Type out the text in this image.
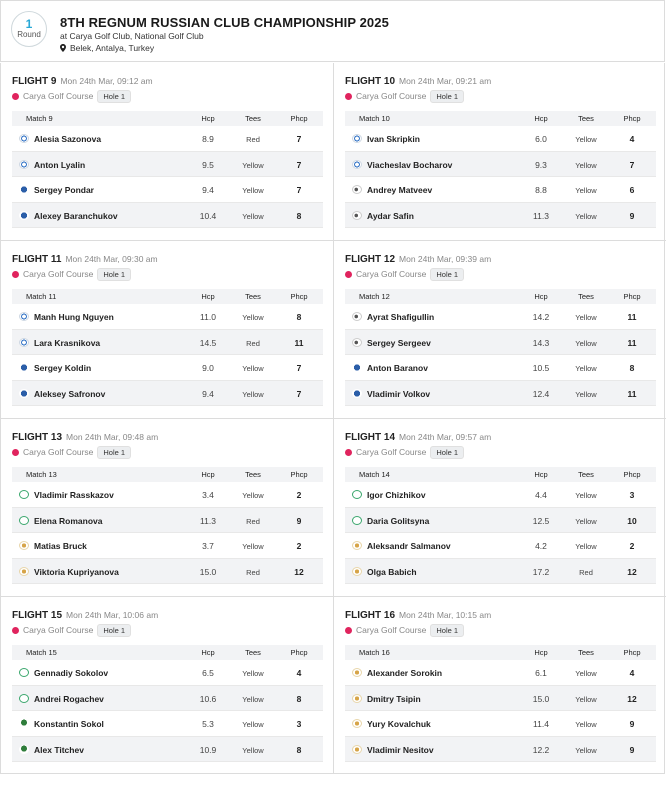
1
Round
8TH REGNUM RUSSIAN CLUB CHAMPIONSHIP 2025
at Carya Golf Club, National Golf Club
Belek, Antalya, Turkey
FLIGHT 9 Mon 24th Mar, 09:12 am
Carya Golf Course Hole 1
Match 9	Hcp	Tees	Phcp
Alesia Sazonova	8.9	Red	7
Anton Lyalin	9.5	Yellow	7
Sergey Pondar	9.4	Yellow	7
Alexey Baranchukov	10.4	Yellow	8
FLIGHT 10 Mon 24th Mar, 09:21 am
Carya Golf Course Hole 1
Match 10	Hcp	Tees	Phcp
Ivan Skripkin	6.0	Yellow	4
Viacheslav Bocharov	9.3	Yellow	7
Andrey Matveev	8.8	Yellow	6
Aydar Safin	11.3	Yellow	9
FLIGHT 11 Mon 24th Mar, 09:30 am
Carya Golf Course Hole 1
Match 11	Hcp	Tees	Phcp
Manh Hung Nguyen	11.0	Yellow	8
Lara Krasnikova	14.5	Red	11
Sergey Koldin	9.0	Yellow	7
Aleksey Safronov	9.4	Yellow	7
FLIGHT 12 Mon 24th Mar, 09:39 am
Carya Golf Course Hole 1
Match 12	Hcp	Tees	Phcp
Ayrat Shafigullin	14.2	Yellow	11
Sergey Sergeev	14.3	Yellow	11
Anton Baranov	10.5	Yellow	8
Vladimir Volkov	12.4	Yellow	11
FLIGHT 13 Mon 24th Mar, 09:48 am
Carya Golf Course Hole 1
Match 13	Hcp	Tees	Phcp
Vladimir Rasskazov	3.4	Yellow	2
Elena Romanova	11.3	Red	9
Matias Bruck	3.7	Yellow	2
Viktoria Kupriyanova	15.0	Red	12
FLIGHT 14 Mon 24th Mar, 09:57 am
Carya Golf Course Hole 1
Match 14	Hcp	Tees	Phcp
Igor Chizhikov	4.4	Yellow	3
Daria Golitsyna	12.5	Yellow	10
Aleksandr Salmanov	4.2	Yellow	2
Olga Babich	17.2	Red	12
FLIGHT 15 Mon 24th Mar, 10:06 am
Carya Golf Course Hole 1
Match 15	Hcp	Tees	Phcp
Gennadiy Sokolov	6.5	Yellow	4
Andrei Rogachev	10.6	Yellow	8
Konstantin Sokol	5.3	Yellow	3
Alex Titchev	10.9	Yellow	8
FLIGHT 16 Mon 24th Mar, 10:15 am
Carya Golf Course Hole 1
Match 16	Hcp	Tees	Phcp
Alexander Sorokin	6.1	Yellow	4
Dmitry Tsipin	15.0	Yellow	12
Yury Kovalchuk	11.4	Yellow	9
Vladimir Nesitov	12.2	Yellow	9
